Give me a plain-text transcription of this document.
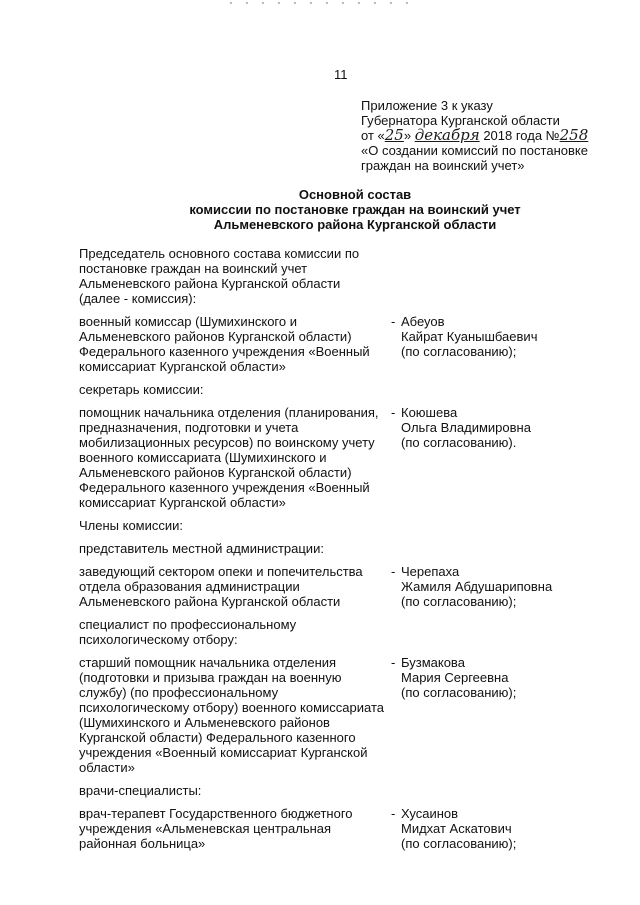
11
Приложение 3 к указу
Губернатора Курганской области
от «25» декабря 2018 года №258
«О создании комиссий по постановке
граждан на воинский учет»
Основной состав
комиссии по постановке граждан на воинский учет
Альменевского района Курганской области
Председатель основного состава комиссии по постановке граждан на воинский учет Альменевского района Курганской области (далее - комиссия):
военный комиссар (Шумихинского и Альменевского районов Курганской области) Федерального казенного учреждения «Военный комиссариат Курганской области»
- Абеуов
Кайрат Куанышбаевич
(по согласованию);
секретарь комиссии:
помощник начальника отделения (планирования, предназначения, подготовки и учета мобилизационных ресурсов) по воинскому учету военного комиссариата (Шумихинского и Альменевского районов Курганской области) Федерального казенного учреждения «Военный комиссариат Курганской области»
- Коюшева
Ольга Владимировна
(по согласованию).
Члены комиссии:
представитель местной администрации:
заведующий сектором опеки и попечительства отдела образования администрации Альменевского района Курганской области
- Черепаха
Жамиля Абдушариповна
(по согласованию);
специалист по профессиональному психологическому отбору:
старший помощник начальника отделения (подготовки и призыва граждан на военную службу) (по профессиональному психологическому отбору) военного комиссариата (Шумихинского и Альменевского районов Курганской области) Федерального казенного учреждения «Военный комиссариат Курганской области»
- Бузмакова
Мария Сергеевна
(по согласованию);
врачи-специалисты:
врач-терапевт Государственного бюджетного учреждения «Альменевская центральная районная больница»
- Хусаинов
Мидхат Аскатович
(по согласованию);
